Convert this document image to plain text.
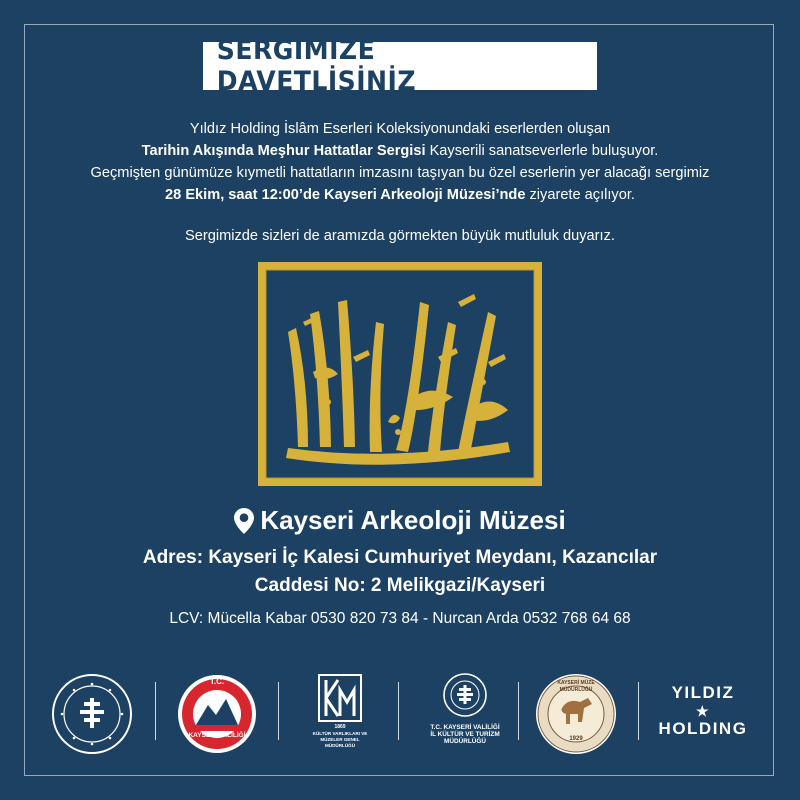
SERGİMİZE DAVETLİSİNİZ

Yıldız Holding İslâm Eserleri Koleksiyonundaki eserlerden oluşan

Tarihin Akışında Meşhur Hattatlar Sergisi Kayserili sanatseverlerle buluşuyor.

Geçmişten günümüze kıymetli hattatların imzasını taşıyan bu özel eserlerin yer alacağı sergimiz

28 Ekim, saat 12:00’de Kayseri Arkeoloji Müzesi’nde ziyarete açılıyor.

Sergimizde sizleri de aramızda görmekten büyük mutluluk duyarız.
Kayseri Arkeoloji Müzesi

Adres: Kayseri İç Kalesi Cumhuriyet Meydanı, Kazancılar

Caddesi No: 2 Melikgazi/Kayseri

LCV: Mücella Kabar 0530 820 73 84 - Nurcan Arda 0532 768 64 68
T.C.
KAYSERİ VALİLİĞİ
1869
KÜLTÜR VARLIKLARI VE MÜZELER GENEL MÜDÜRLÜĞÜ
T.C. KAYSERİ VALİLİĞİ
İL KÜLTÜR VE TURİZM
MÜDÜRLÜĞÜ
KAYSERİ MÜZE MÜDÜRLÜĞÜ
1929
YILDIZ
★
HOLDING
